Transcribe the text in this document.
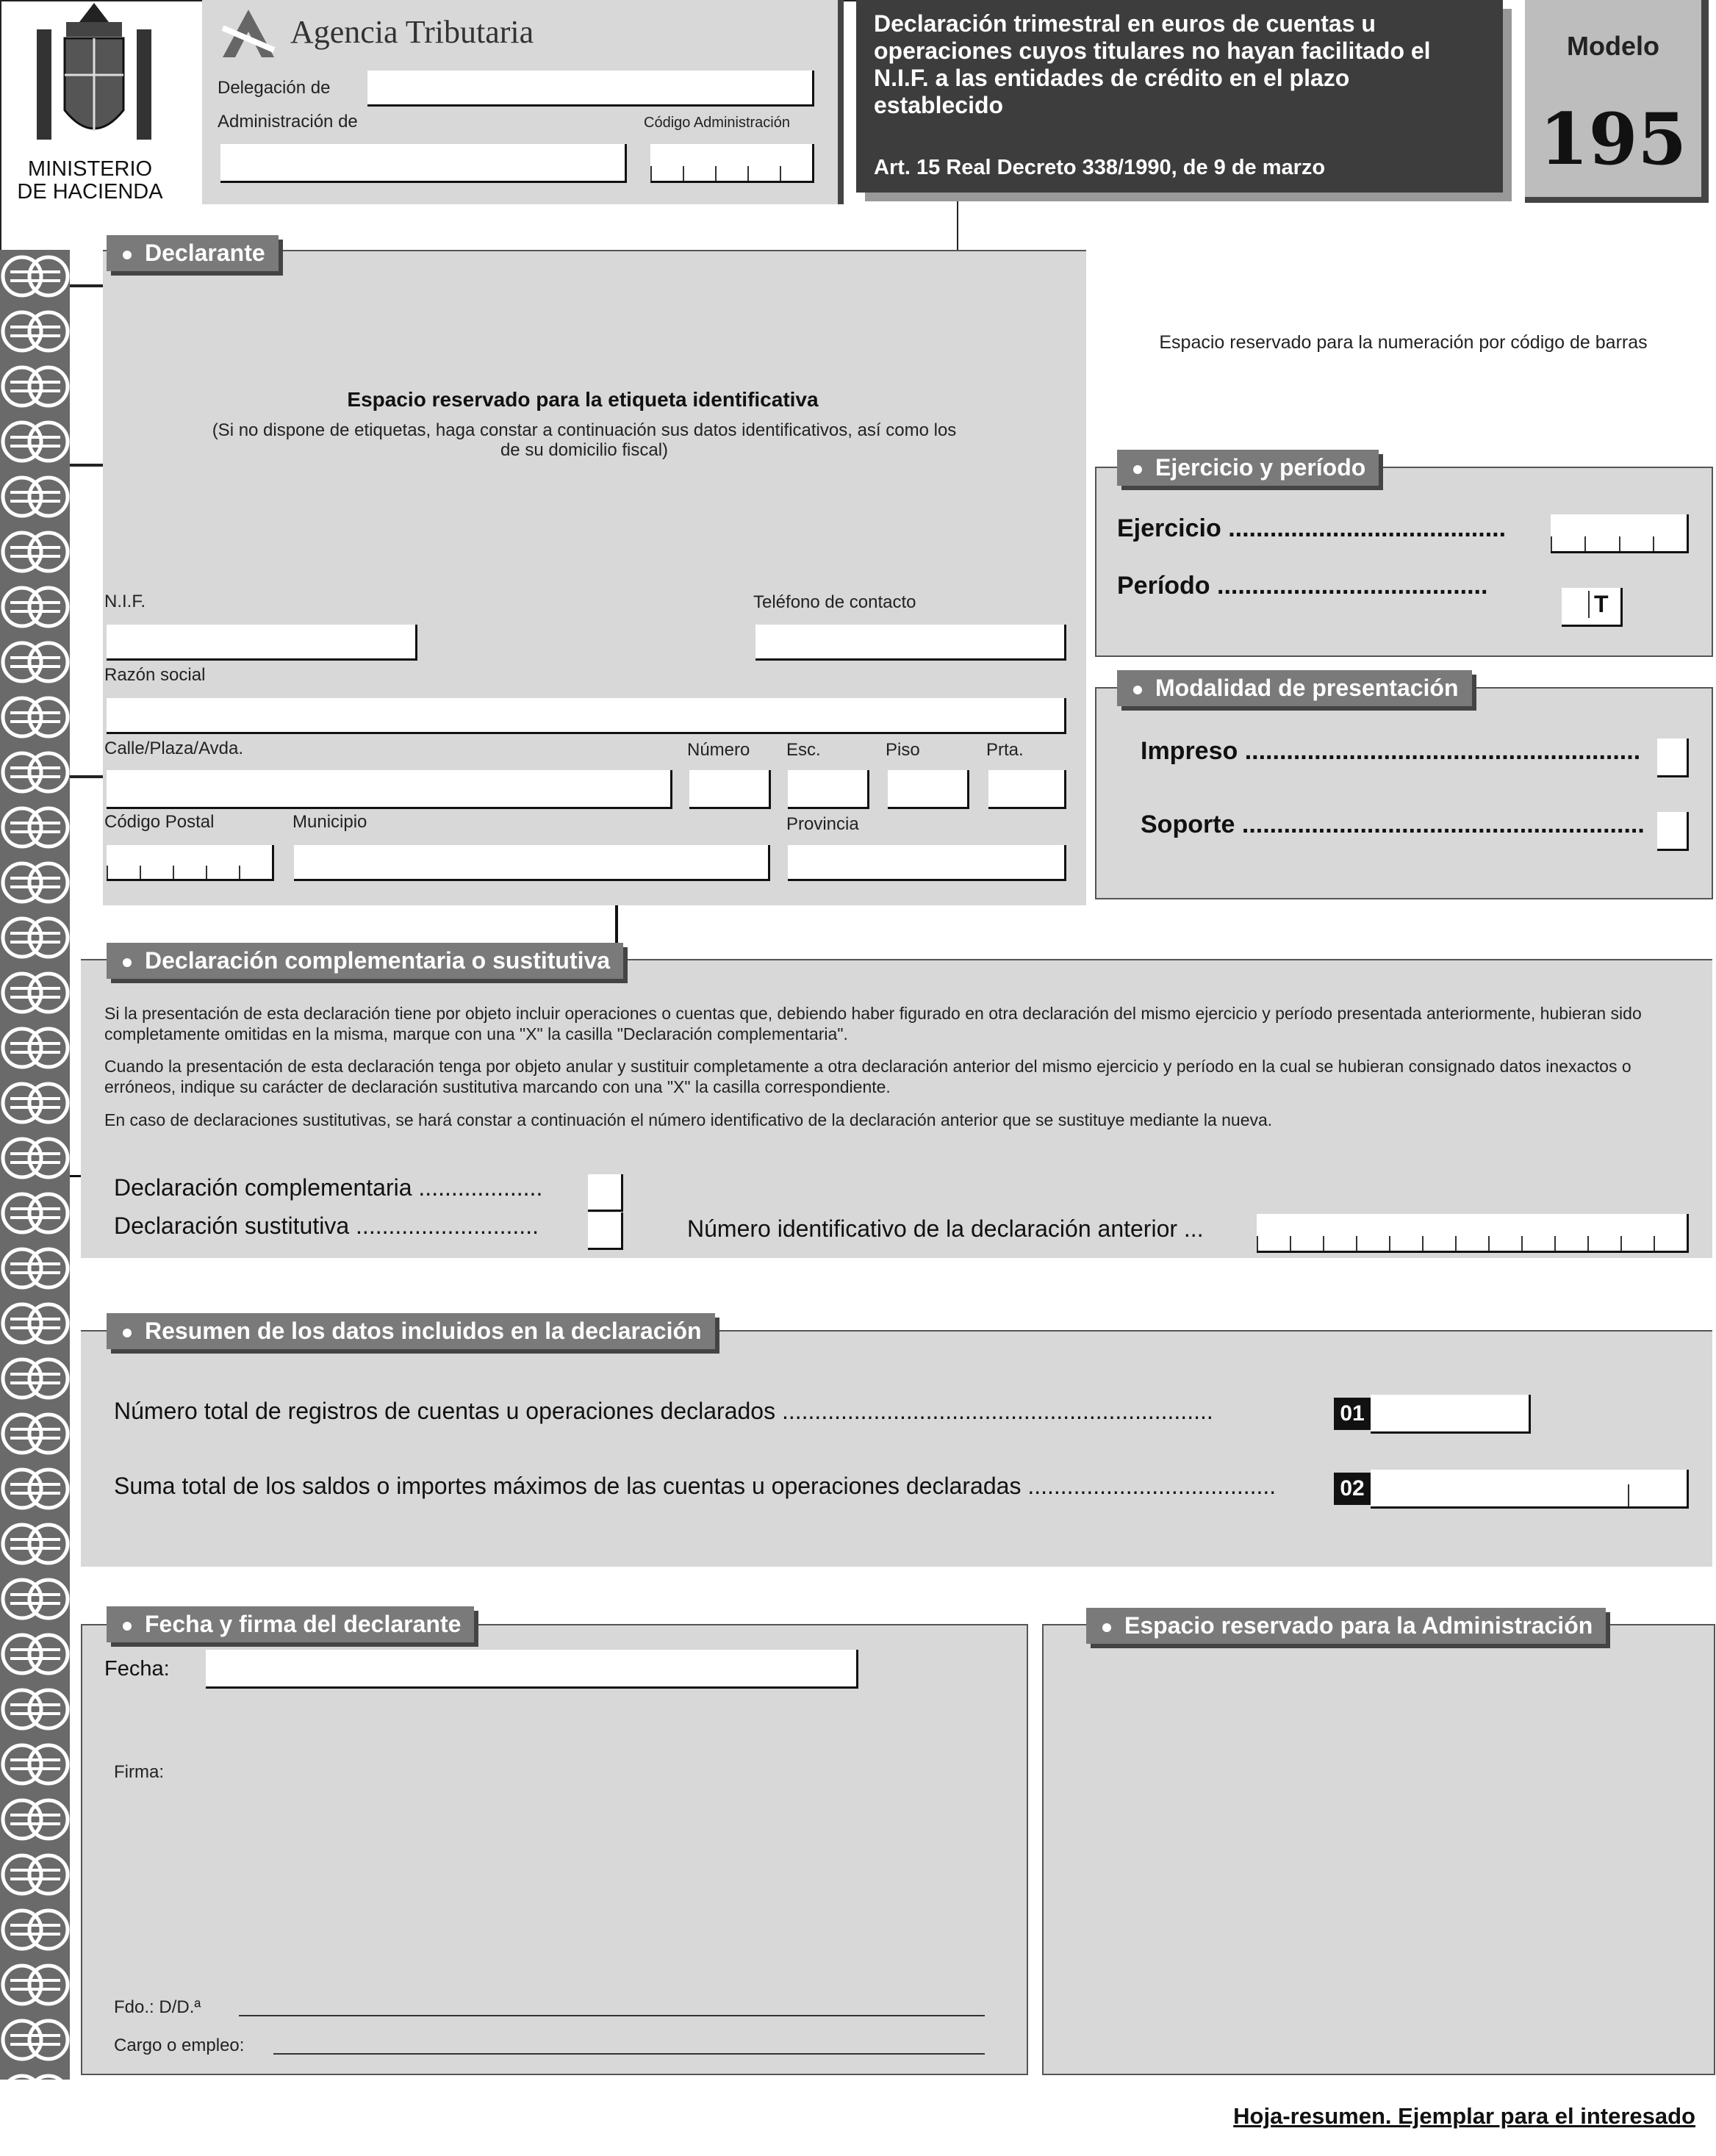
MINISTERIO
DE HACIENDA
Agencia Tributaria
Delegación de
Administración de	Código Administración
Declaración trimestral en euros de cuentas u operaciones cuyos titulares no hayan facilitado el N.I.F. a las entidades de crédito en el plazo establecido
Art. 15 Real Decreto 338/1990, de 9 de marzo
Modelo
195
Declarante
Espacio reservado para la etiqueta identificativa
(Si no dispone de etiquetas, haga constar a continuación sus datos identificativos, así como los de su domicilio fiscal)
N.I.F.	Teléfono de contacto
Razón social
Calle/Plaza/Avda.	Número Esc.	Piso	Prta.
Código Postal	Municipio	Provincia
Espacio reservado para la numeración por código de barras
Ejercicio y período
Ejercicio ........................................
Período .......................................
T
Modalidad de presentación
Impreso .........................................................
Soporte ..........................................................
Declaración complementaria o sustitutiva
Si la presentación de esta declaración tiene por objeto incluir operaciones o cuentas que, debiendo haber figurado en otra declaración del mismo ejercicio y período presentada anteriormente, hubieran sido completamente omitidas en la misma, marque con una "X" la casilla "Declaración complementaria".
Cuando la presentación de esta declaración tenga por objeto anular y sustituir completamente a otra declaración anterior del mismo ejercicio y período en la cual se hubieran consignado datos inexactos o erróneos, indique su carácter de declaración sustitutiva marcando con una "X" la casilla correspondiente.
En caso de declaraciones sustitutivas, se hará constar a continuación el número identificativo de la declaración anterior que se sustituye mediante la nueva.
Declaración complementaria ...................
Declaración sustitutiva ............................	Número identificativo de la declaración anterior ...
Resumen de los datos incluidos en la declaración
Número total de registros de cuentas u operaciones declarados ..................................................................	01
Suma total de los saldos o importes máximos de las cuentas u operaciones declaradas ......................................	02
Fecha y firma del declarante
Fecha:
Firma:
Fdo.: D/D.ª
Cargo o empleo:
Espacio reservado para la Administración
Hoja-resumen. Ejemplar para el interesado
